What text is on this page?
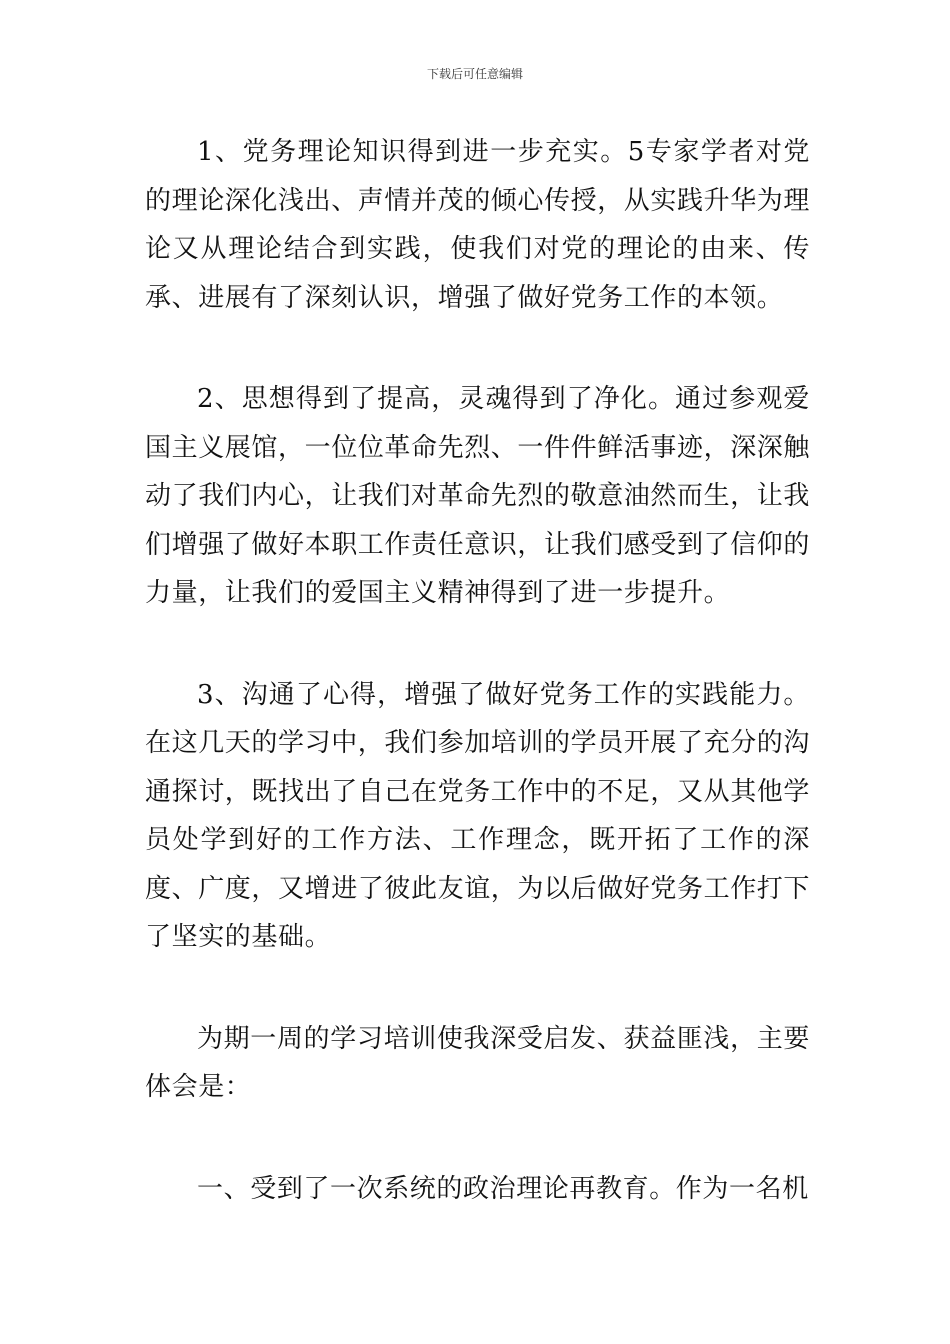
下载后可任意编辑

1、党务理论知识得到进一步充实。5专家学者对党的理论深化浅出、声情并茂的倾心传授，从实践升华为理论又从理论结合到实践，使我们对党的理论的由来、传承、进展有了深刻认识，增强了做好党务工作的本领。

2、思想得到了提高，灵魂得到了净化。通过参观爱国主义展馆，一位位革命先烈、一件件鲜活事迹，深深触动了我们内心，让我们对革命先烈的敬意油然而生，让我们增强了做好本职工作责任意识，让我们感受到了信仰的力量，让我们的爱国主义精神得到了进一步提升。

3、沟通了心得，增强了做好党务工作的实践能力。在这几天的学习中，我们参加培训的学员开展了充分的沟通探讨，既找出了自己在党务工作中的不足，又从其他学员处学到好的工作方法、工作理念，既开拓了工作的深度、广度，又增进了彼此友谊，为以后做好党务工作打下了坚实的基础。

为期一周的学习培训使我深受启发、获益匪浅，主要体会是：

一、受到了一次系统的政治理论再教育。作为一名机
